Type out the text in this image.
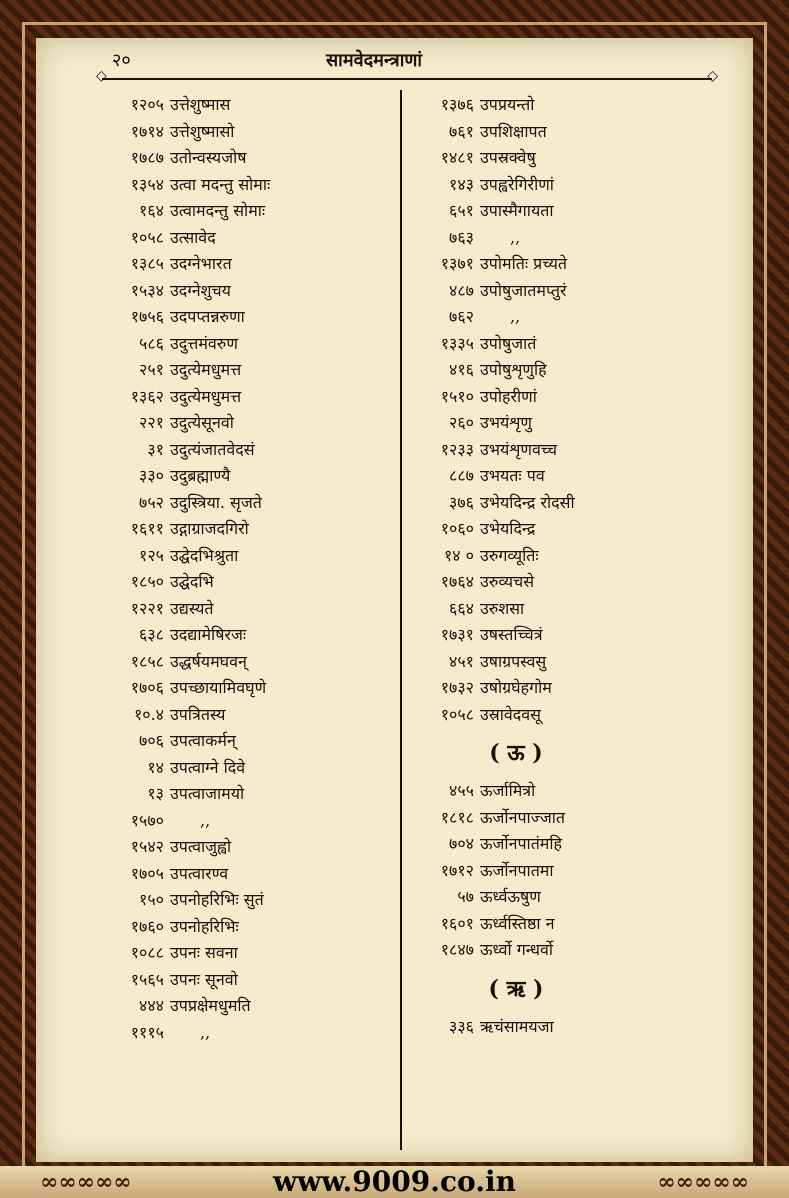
२०	सामवेदमन्त्राणां
◇ ◇
१२०५ उत्तेशुष्मास
१७१४ उत्तेशुष्मासो
१७८७ उतोन्वस्यजोष
१३५४ उत्वा मदन्तु सोमाः
१६४ उत्वामदन्तु सोमाः
१०५८ उत्सावेद
१३८५ उदग्नेभारत
१५३४ उदग्नेशुचय
१७५६ उदपप्तन्नरुणा
५८६ उदुत्तमंवरुण
२५१ उदुत्येमधुमत्त
१३६२ उदुत्येमधुमत्त
२२१ उदुत्येसूनवो
३१ उदुत्यंजातवेदसं
३३० उदुब्रह्माण्यै
७५२ उदुस्त्रिया. सृजते
१६११ उद्गाग्राजदगिरो
१२५ उद्घेदभिश्रुता
१८५० उद्घेदभि
१२२१ उद्यस्यते
६३८ उदद्यामेषिरजः
१८५८ उद्धर्षयमघवन्
१७०६ उपच्छायामिवघृणे
१०.४ उपत्रितस्य
७०६ उपत्वाकर्मन्
१४ उपत्वाग्ने दिवे
१३ उपत्वाजामयो
१५७०	,,
१५४२ उपत्वाजुह्वो
१७०५ उपत्वारण्व
१५० उपनोहरिभिः सुतं
१७६० उपनोहरिभिः
१०८८ उपनः सवना
१५६५ उपनः सूनवो
४४४ उपप्रक्षेमधुमति
१११५	,,
१३७६ उपप्रयन्तो
७६१ उपशिक्षापत
१४८१ उपस्रक्वेषु
१४३ उपह्वरेगिरीणां
६५१ उपास्मैगायता
७६३	,,
१३७१ उपोमतिः प्रच्यते
४८७ उपोषुजातमप्तुरं
७६२	,,
१३३५ उपोषुजातं
४१६ उपोषुशृणुहि
१५१० उपोहरीणां
२६० उभयंशृणु
१२३३ उभयंशृणवच्च
८८७ उभयतः पव
३७६ उभेयदिन्द्र रोदसी
१०६० उभेयदिन्द्र
१४ ० उरुगव्यूतिः
१७६४ उरुव्यचसे
६६४ उरुशसा
१७३१ उषस्तच्चित्रं
४५१ उषाग्रपस्वसु
१७३२ उषोग्रघेहगोम
१०५८ उस्रावेदवसू
( ऊ )
४५५ ऊर्जामित्रो
१८१८ ऊर्जोनपाज्जात
७०४ ऊर्जोनपातंमहि
१७१२ ऊर्जोनपातमा
५७ ऊर्ध्वऊषुण
१६०१ ऊर्ध्वस्तिष्ठा न
१८४७ ऊर्ध्वो गन्धर्वो
( ऋ )
३३६ ऋचंसामयजा
∞∞∞∞∞	www.9009.co.in	∞∞∞∞∞
